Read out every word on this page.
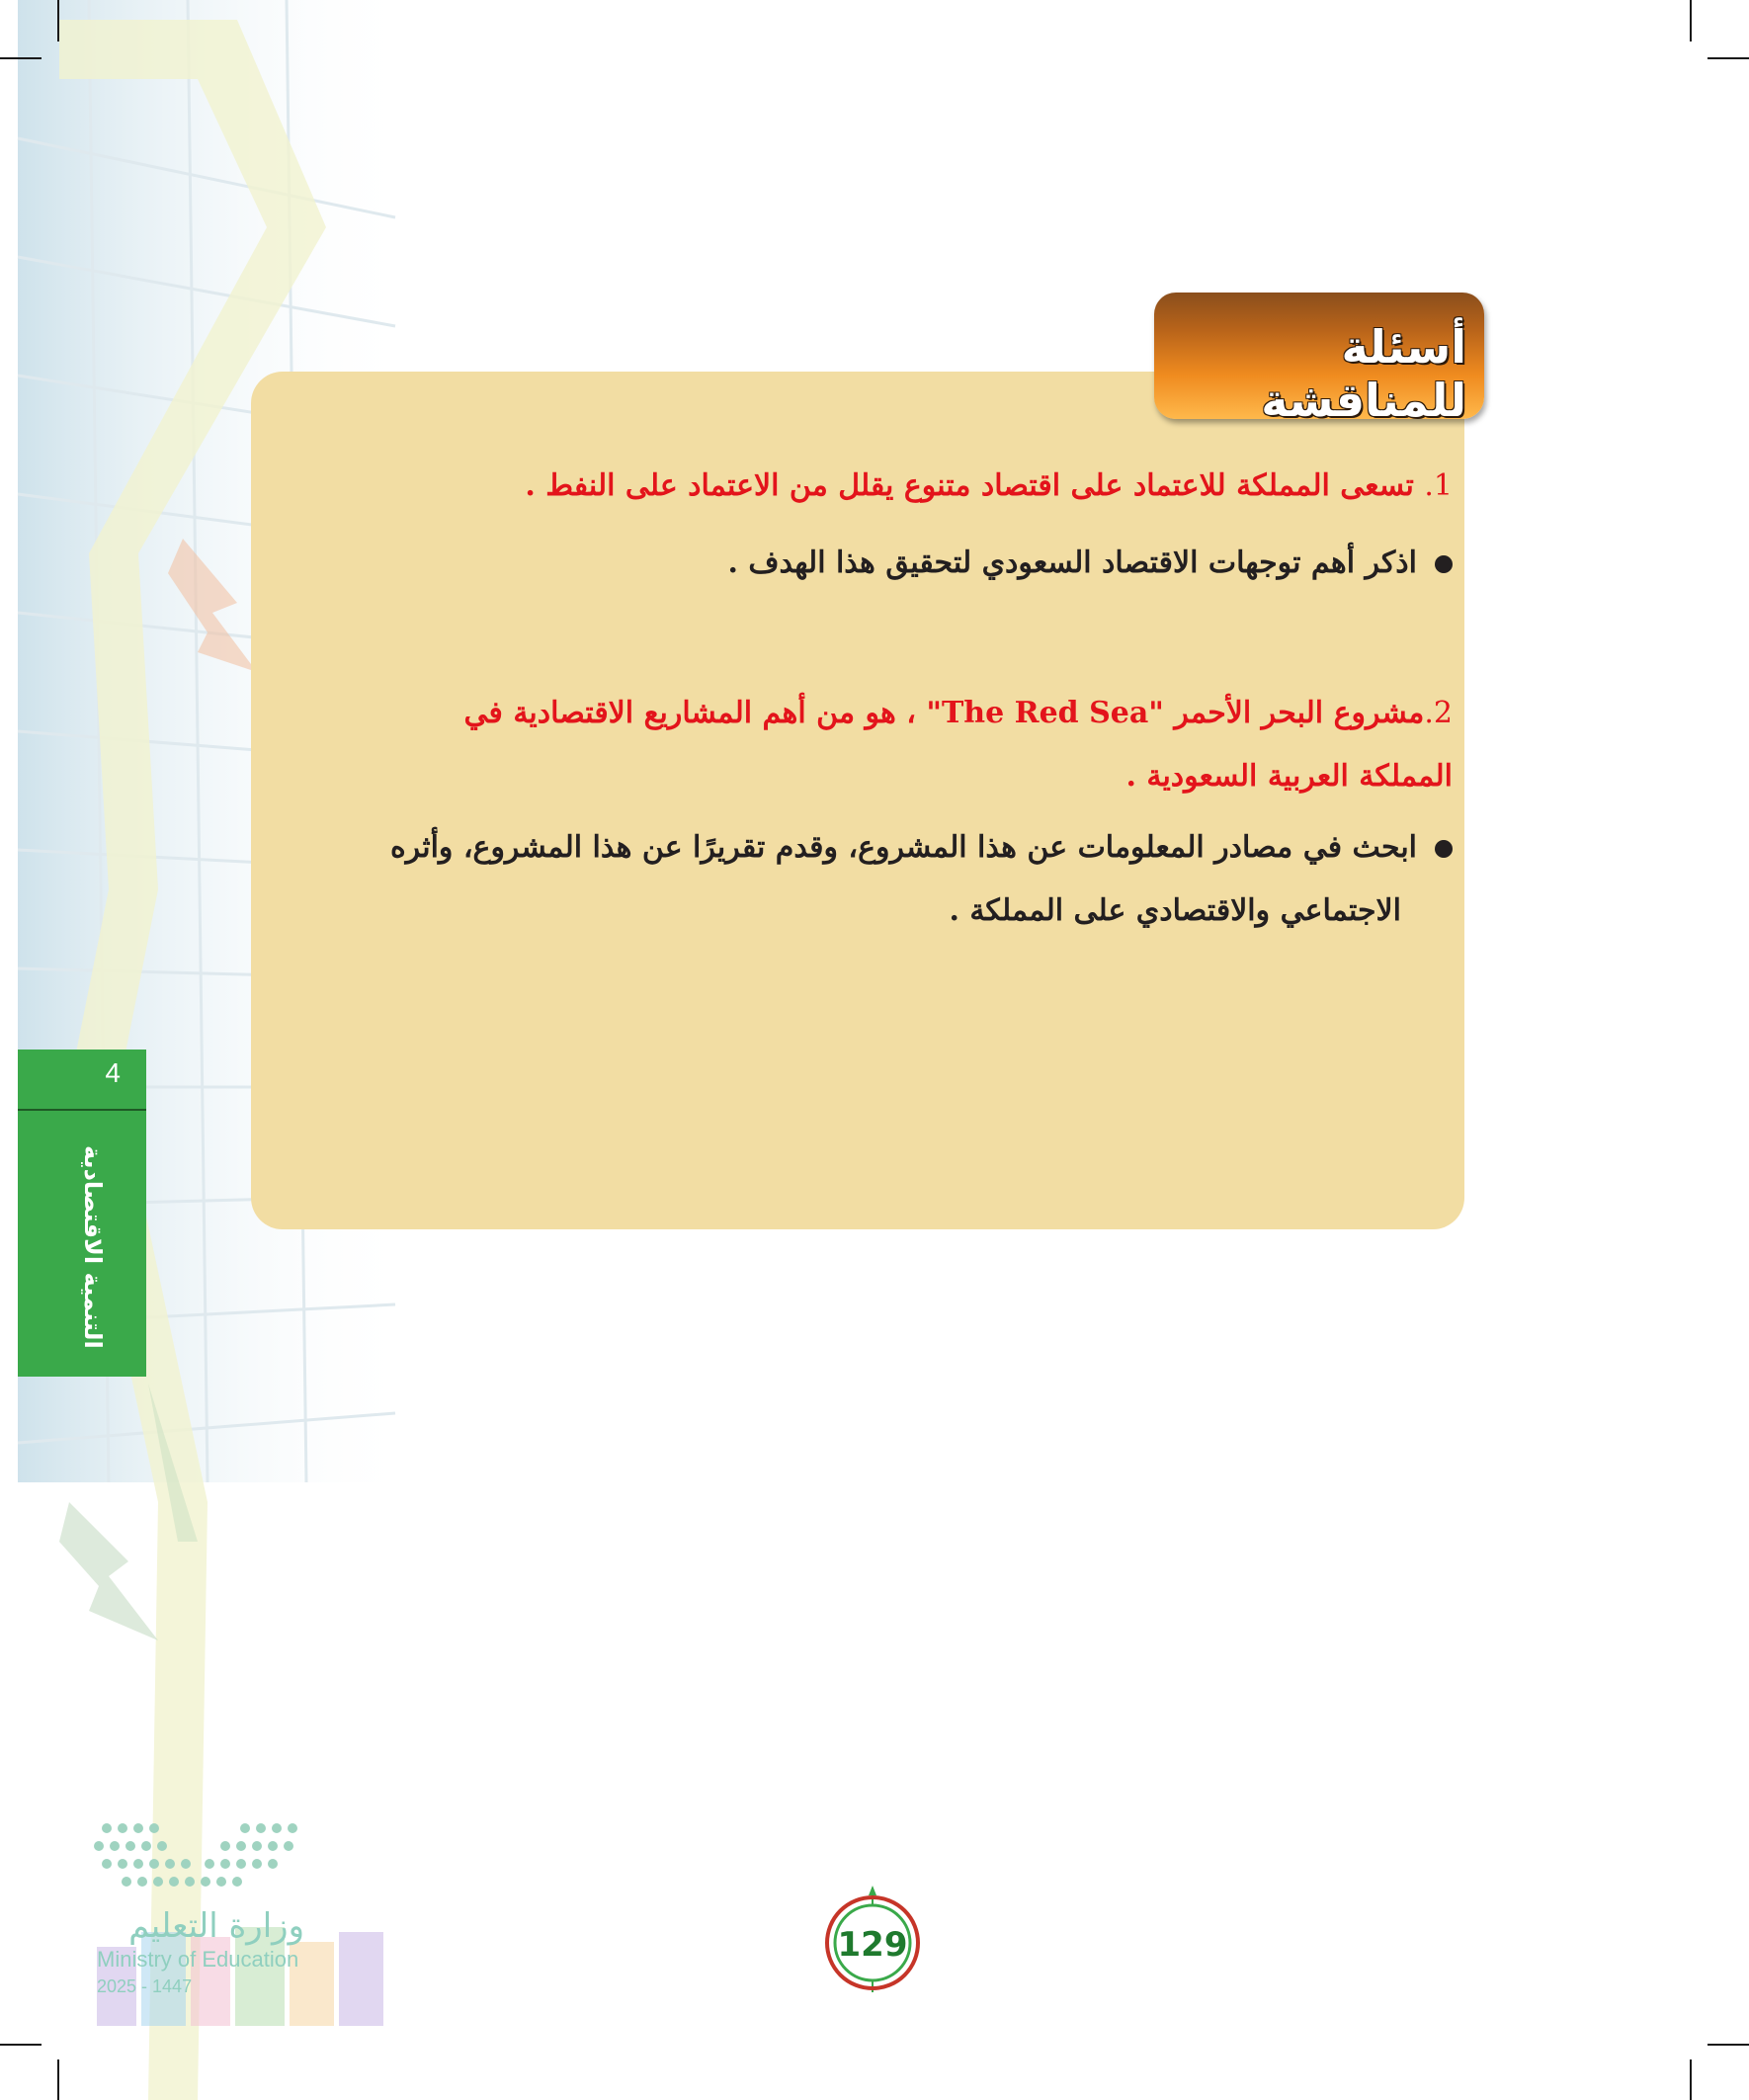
4
التنمية الاقتصادية
أسئلة للمناقشة
1. تسعى المملكة للاعتماد على اقتصاد متنوع يقلل من الاعتماد على النفط .
اذكر أهم توجهات الاقتصاد السعودي لتحقيق هذا الهدف .
2.مشروع البحر الأحمر "The Red Sea" ، هو من أهم المشاريع الاقتصادية في
المملكة العربية السعودية .
ابحث في مصادر المعلومات عن هذا المشروع، وقدم تقريرًا عن هذا المشروع، وأثره
الاجتماعي والاقتصادي على المملكة .
وزارة التعليم
Ministry of Education
2025 - 1447
129
